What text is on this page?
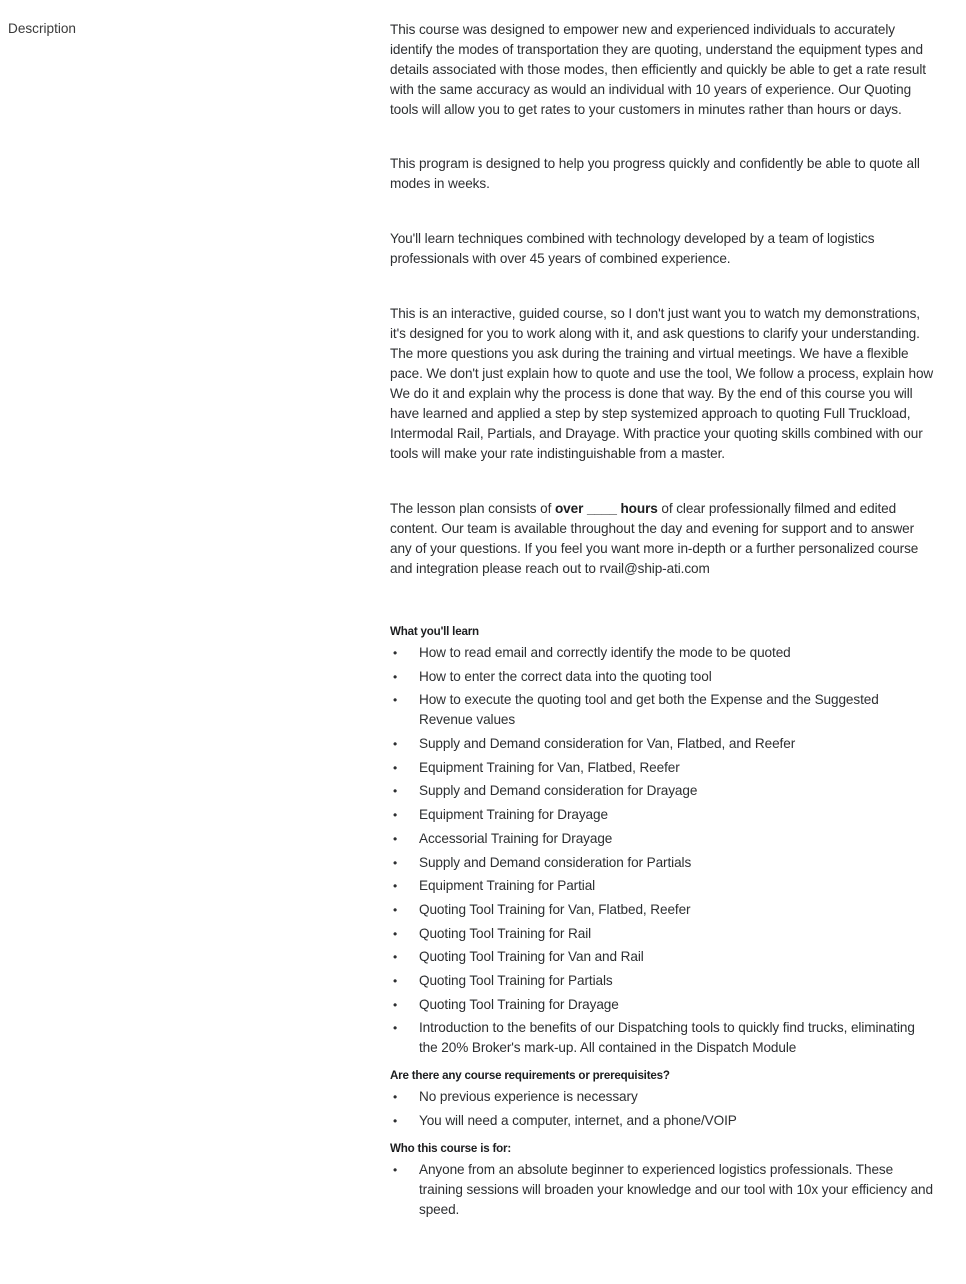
Description	This course was designed to empower new and experienced individuals to accurately identify the modes of transportation they are quoting, understand the equipment types and details associated with those modes, then efficiently and quickly be able to get a rate result with the same accuracy as would an individual with 10 years of experience. Our Quoting tools will allow you to get rates to your customers in minutes rather than hours or days.

This program is designed to help you progress quickly and confidently be able to quote all modes in weeks.

You'll learn techniques combined with technology developed by a team of logistics professionals with over 45 years of combined experience.

This is an interactive, guided course, so I don't just want you to watch my demonstrations, it's designed for you to work along with it, and ask questions to clarify your understanding. The more questions you ask during the training and virtual meetings. We have a flexible pace. We don't just explain how to quote and use the tool, We follow a process, explain how We do it and explain why the process is done that way. By the end of this course you will have learned and applied a step by step systemized approach to quoting Full Truckload, Intermodal Rail, Partials, and Drayage. With practice your quoting skills combined with our tools will make your rate indistinguishable from a master.

The lesson plan consists of over ____ hours of clear professionally filmed and edited content. Our team is available throughout the day and evening for support and to answer any of your questions. If you feel you want more in-depth or a further personalized course and integration please reach out to rvail@ship-ati.com

What you'll learn
• How to read email and correctly identify the mode to be quoted
• How to enter the correct data into the quoting tool
• How to execute the quoting tool and get both the Expense and the Suggested Revenue values
• Supply and Demand consideration for Van, Flatbed, and Reefer
• Equipment Training for Van, Flatbed, Reefer
• Supply and Demand consideration for Drayage
• Equipment Training for Drayage
• Accessorial Training for Drayage
• Supply and Demand consideration for Partials
• Equipment Training for Partial
• Quoting Tool Training for Van, Flatbed, Reefer
• Quoting Tool Training for Rail
• Quoting Tool Training for Van and Rail
• Quoting Tool Training for Partials
• Quoting Tool Training for Drayage
• Introduction to the benefits of our Dispatching tools to quickly find trucks, eliminating the 20% Broker's mark-up. All contained in the Dispatch Module
Are there any course requirements or prerequisites?
• No previous experience is necessary
• You will need a computer, internet, and a phone/VOIP
Who this course is for:
• Anyone from an absolute beginner to experienced logistics professionals. These training sessions will broaden your knowledge and our tool with 10x your efficiency and speed.
